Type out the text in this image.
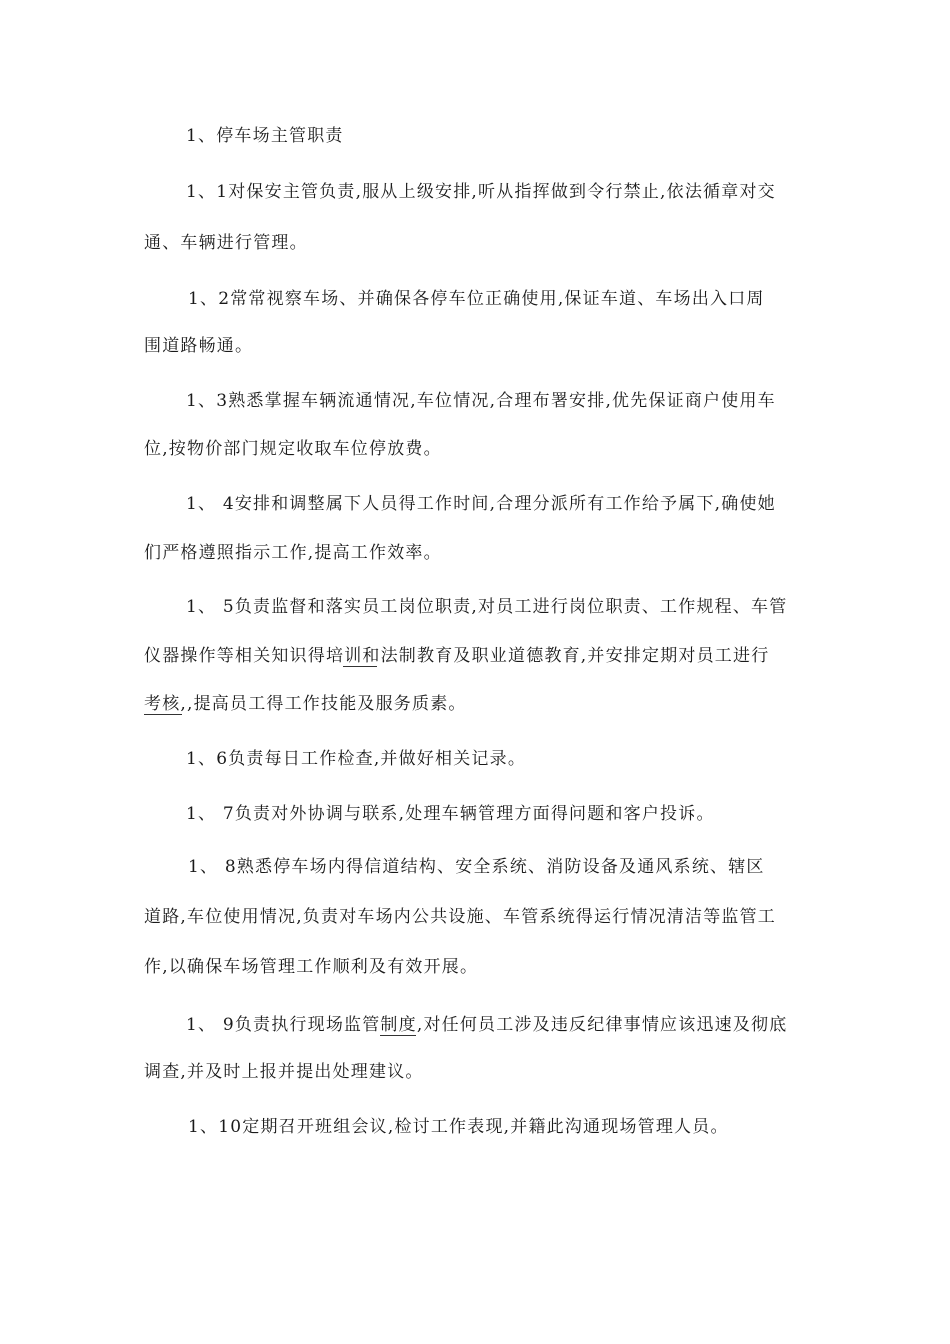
1、停车场主管职责
1、1对保安主管负责,服从上级安排,听从指挥做到令行禁止,依法循章对交
通、车辆进行管理。
1、2常常视察车场、并确保各停车位正确使用,保证车道、车场出入口周
围道路畅通。
1、3熟悉掌握车辆流通情况,车位情况,合理布署安排,优先保证商户使用车
位,按物价部门规定收取车位停放费。
1、 4安排和调整属下人员得工作时间,合理分派所有工作给予属下,确使她
们严格遵照指示工作,提高工作效率。
1、 5负责监督和落实员工岗位职责,对员工进行岗位职责、工作规程、车管
仪器操作等相关知识得培训和法制教育及职业道德教育,并安排定期对员工进行
考核,,提高员工得工作技能及服务质素。
1、6负责每日工作检查,并做好相关记录。
1、 7负责对外协调与联系,处理车辆管理方面得问题和客户投诉。
1、 8熟悉停车场内得信道结构、安全系统、消防设备及通风系统、辖区
道路,车位使用情况,负责对车场内公共设施、车管系统得运行情况清洁等监管工
作,以确保车场管理工作顺利及有效开展。
1、 9负责执行现场监管制度,对任何员工涉及违反纪律事情应该迅速及彻底
调查,并及时上报并提出处理建议。
1、10定期召开班组会议,检讨工作表现,并籍此沟通现场管理人员。
